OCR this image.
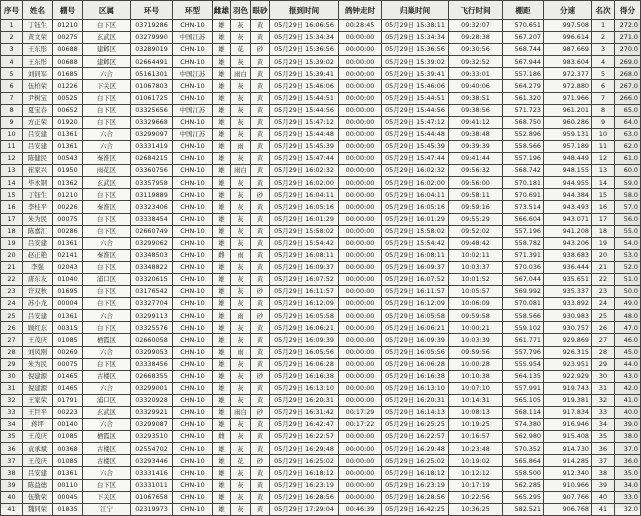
序号	姓名	棚号	区属	环号	环型	雌雄	羽色	眼砂	报到时间	鸽钟走时	归巢时间	飞行时间	棚距	分速	名次	得分
1	丁钰生	01210	白下区	03719286	CHN-10	雄	灰	黄	05月29日 16:06:56	00:28:45	05月29日 15:38:11	09:32:07	570.651	997.508	1	272.0
2	黄文荣	00275	玄武区	03279990	中国江苏	雄	灰	黄	05月29日 15:34:34	00:00:00	05月29日 15:34:34	09:28:38	567.207	996.614	2	271.0
3	王东彤	00688	建邺区	03289019	CHN-10	雄	花	砂	05月29日 15:36:56	00:00:00	05月29日 15:36:56	09:30:56	568.744	987.669	3	270.0
4	王东彤	00688	建邺区	02664491	CHN-10	雄	灰	黄	05月29日 15:39:02	00:00:00	05月29日 15:39:02	09:32:52	567.944	983.604	4	269.0
5	刘同军	01685	六合	05161301	中国江苏	雄	雨白	黄	05月29日 15:39:41	00:00:00	05月29日 15:39:41	09:33:01	557.186	972.377	5	268.0
6	伍柏荣	01226	下关区	01067803	CHN-10	雄	灰	黄	05月29日 15:46:06	00:00:00	05月29日 15:46:06	09:40:06	564.279	972.880	6	267.0
7	尹树宝	00525	白下区	01061725	CHN-10	雄	灰	黄	05月29日 15:44:51	00:00:00	05月29日 15:44:51	09:38:51	561.320	971.966	7	266.0
8	夏宝春	00652	白下区	03325656	中国江苏	雄	灰	黄	05月29日 15:44:56	00:00:00	05月29日 15:44:56	09:38:56	571.723	961.201	8	65.0
9	方正荣	01920	白下区	03329668	CHN-10	雄	灰	黄	05月29日 15:47:12	00:00:00	05月29日 15:47:12	09:41:12	568.750	960.286	9	64.0
10	吕安建	01361	六合	03299097	中国江苏	雄	灰	黄	05月29日 15:44:48	00:00:00	05月29日 15:44:48	09:38:48	552.896	959.131	10	63.0
11	吕安建	01361	六合	03331419	CHN-10	雄	雨	黄	05月29日 15:45:39	00:00:00	05月29日 15:45:39	09:39:39	558.566	957.189	11	62.0
12	陈健民	00543	秦淮区	02684215	CHN-10	雄	灰	黄	05月29日 15:47:44	00:00:00	05月29日 15:47:44	09:41:44	557.196	948.449	12	61.0
13	崔家兴	01950	雨花区	03360756	CHN-10	雄	雨白	黄	05月29日 16:02:32	00:00:00	05月29日 16:02:32	09:56:32	568.742	948.155	13	60.0
14	毕永钢	01362	玄武区	03357958	CHN-10	雄	灰	黄	05月29日 16:02:00	00:00:00	05月29日 16:02:00	09:56:00	570.181	944.955	14	59.0
15	丁钰生	01210	白下区	03119889	CHN-10	雄	灰	砂	05月29日 16:04:11	00:00:00	05月29日 16:04:11	09:58:11	570.691	944.384	15	58.0
16	李桂平	00226	秦淮区	03323406	CHN-10	雄	灰	黄	05月29日 16:05:16	00:00:00	05月29日 16:05:16	09:59:16	573.514	943.493	16	57.0
17	朱为民	00075	白下区	03338454	CHN-10	雄	灰	黄	05月29日 16:01:29	00:00:00	05月29日 16:01:29	09:55:29	566.604	943.071	17	56.0
18	陈嘉汇	00286	白下区	02660749	CHN-10	雄	灰	黄	05月29日 15:58:02	00:00:00	05月29日 15:58:02	09:52:02	557.196	941.208	18	55.0
19	吕安建	01361	六合	03299062	CHN-10	雄	灰	黄	05月29日 15:54:42	00:00:00	05月29日 15:54:42	09:48:42	558.782	943.206	19	54.0
20	赵正艳	02141	秦淮区	03348503	CHN-10	雌	雨	黄	05月29日 16:08:11	00:00:00	05月29日 16:08:11	10:02:11	571.391	938.683	20	53.0
21	李强	02043	白下区	03348822	CHN-10	雄	灰	黄	05月29日 16:09:37	00:00:00	05月29日 16:09:37	10:03:37	570.036	936.444	21	52.0
22	唐东友	01040	浦口区	03320615	CHN-10	雄	灰	黄	05月29日 16:07:52	00:00:00	05月29日 16:07:52	10:01:52	567.044	935.651	22	51.0
23	许双秋	01695	白下区	03176542	CHN-10	雄	灰	砂	05月29日 16:11:57	00:00:00	05月29日 16:11:57	10:05:57	569.992	935.337	23	50.0
24	苏小龙	00004	白下区	03327704	CHN-10	雄	灰	黄	05月29日 16:12:09	00:00:00	05月29日 16:12:09	10:06:09	570.081	933.892	24	49.0
25	吕安建	01361	六合	03299113	CHN-10	雄	雨	砂	05月29日 16:05:58	00:00:00	05月29日 16:05:58	09:59:58	558.566	930.983	25	48.0
26	顾红东	00315	白下区	03325576	CHN-10	雄	灰	黄	05月29日 16:06:21	00:00:00	05月29日 16:06:21	10:00:21	559.102	930.757	26	47.0
27	王茂庆	01085	栖霞区	02660058	CHN-10	雄	灰	黄	05月29日 16:09:39	00:00:00	05月29日 16:09:39	10:03:39	561.771	929.869	27	46.0
28	刘凤刚	00269	六合	03299053	CHN-10	雄	雨	黄	05月29日 16:05:56	00:00:00	05月29日 16:05:56	09:59:56	557.796	926.315	28	45.0
29	朱为民	00075	白下区	03338456	CHN-10	雄	灰	黄	05月29日 16:06:28	00:00:00	05月29日 16:06:28	10:00:28	555.954	923.951	29	44.0
30	倪建源	01465	古楼区	02668355	CHN-10	雄	灰	砂	05月29日 16:16:38	00:00:00	05月29日 16:16:38	10:10:38	564.135	922.929	30	43.0
31	倪建源	01465	六合	03299001	CHN-10	雄	灰	黄	05月29日 16:13:10	00:00:00	05月29日 16:13:10	10:07:10	557.991	919.743	31	42.0
32	王家荣	01791	浦口区	03320928	CHN-10	雄	灰	黄	05月29日 16:20:31	00:00:00	05月29日 16:20:31	10:14:31	565.105	919.381	32	41.0
33	王巨平	00223	玄武区	03329921	CHN-10	雄	雨白	砂	05月29日 16:31:42	00:17:29	05月29日 16:14:13	10:08:13	568.114	917.834	33	40.0
34	蒋坪	00140	六合	03299087	CHN-10	雄	灰	黄	05月29日 16:42:47	00:17:22	05月29日 16:25:25	10:19:25	574.380	916.946	34	39.0
35	王茂庆	01085	栖霞区	03293510	CHN-10	雌	灰	黄	05月29日 16:22:57	00:00:00	05月29日 16:22:57	10:16:57	562.980	915.408	35	38.0
36	袁承斌	00368	古楼区	02554702	CHN-10	雄	灰	黄	05月29日 16:29:48	00:00:00	05月29日 16:29:48	10:23:48	570.352	914.730	36	37.0
37	王茂庆	01085	古楼区	03293446	CHN-10	雄	花	砂	05月29日 16:25:02	00:00:00	05月29日 16:25:02	10:19:02	565.864	914.285	37	36.0
38	吕安建	01361	六合	03331416	CHN-10	雄	灰	黄	05月29日 16:18:12	00:00:00	05月29日 16:18:12	10:12:12	558.500	912.340	38	35.0
39	陈益德	00110	白下区	03331011	CHN-10	雄	灰	黄	05月29日 16:23:19	00:00:00	05月29日 16:23:19	10:17:19	562.285	910.966	39	34.0
40	伍勤荣	00045	下关区	01067658	CHN-10	雄	灰	黄	05月29日 16:28:56	00:00:00	05月29日 16:28:56	10:22:56	565.295	907.766	40	33.0
41	魏同荣	01835	江宁	02319973	CHN-10	雄	灰	黄	05月29日 17:29:04	00:46:39	05月29日 16:42:25	10:36:25	582.521	906.768	41	32.0
